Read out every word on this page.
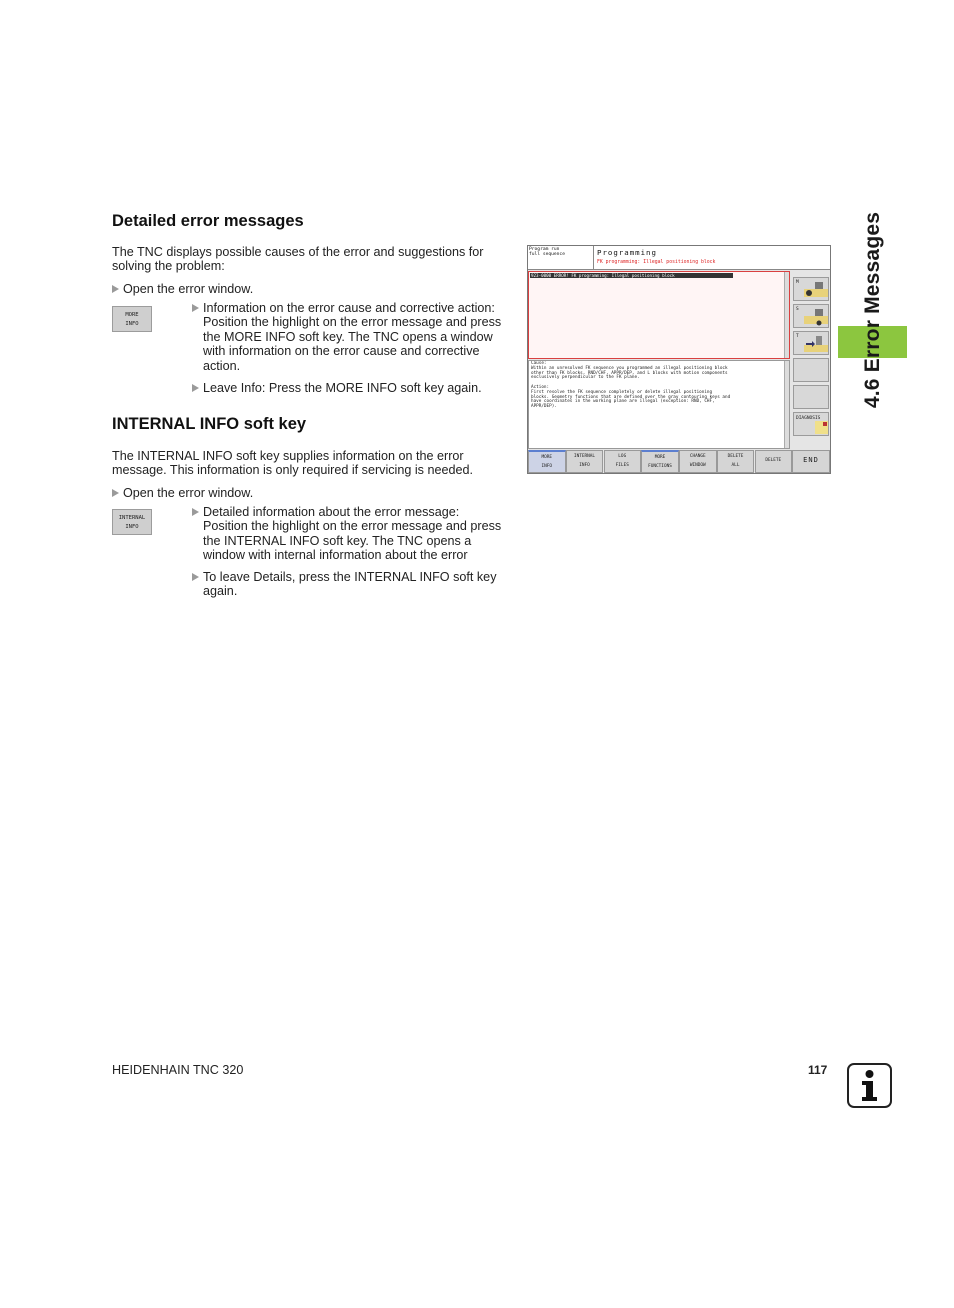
4.6 Error Messages
Detailed error messages
The TNC displays possible causes of the error and suggestions for
solving the problem:
Open the error window.
MORE
INFO
Information on the error cause and corrective action:
Position the highlight on the error message and press
the MORE INFO soft key. The TNC opens a window
with information on the error cause and corrective
action.
Leave Info: Press the MORE INFO soft key again.
INTERNAL INFO soft key
The INTERNAL INFO soft key supplies information on the error
message. This information is only required if servicing is needed.
Open the error window.
INTERNAL
INFO
Detailed information about the error message:
Position the highlight on the error message and press
the INTERNAL INFO soft key. The TNC opens a
window with internal information about the error
To leave Details, press the INTERNAL INFO soft key
again.
Program run
full sequence	Programming
FK programming: Illegal positioning block
923-0000 ERROR! FK programming: Illegal positioning block
Cause:
Within an unresolved FK sequence you programmed an illegal positioning block
other than FK blocks, RND/CHF, APPR/DEP, and L blocks with motion components
exclusively perpendicular to the FK plane.

Action:
First resolve the FK sequence completely or delete illegal positioning
blocks. Geometry functions that are defined over the gray contouring keys and
have coordinates in the working plane are illegal (exception: RND, CHF,
APPR/DEP).
M
S
T
DIAGNOSIS
MORE
INFO
INTERNAL
INFO
LOG
FILES
MORE
FUNCTIONS
CHANGE
WINDOW
DELETE
ALL
DELETE	END
HEIDENHAIN TNC 320	117
